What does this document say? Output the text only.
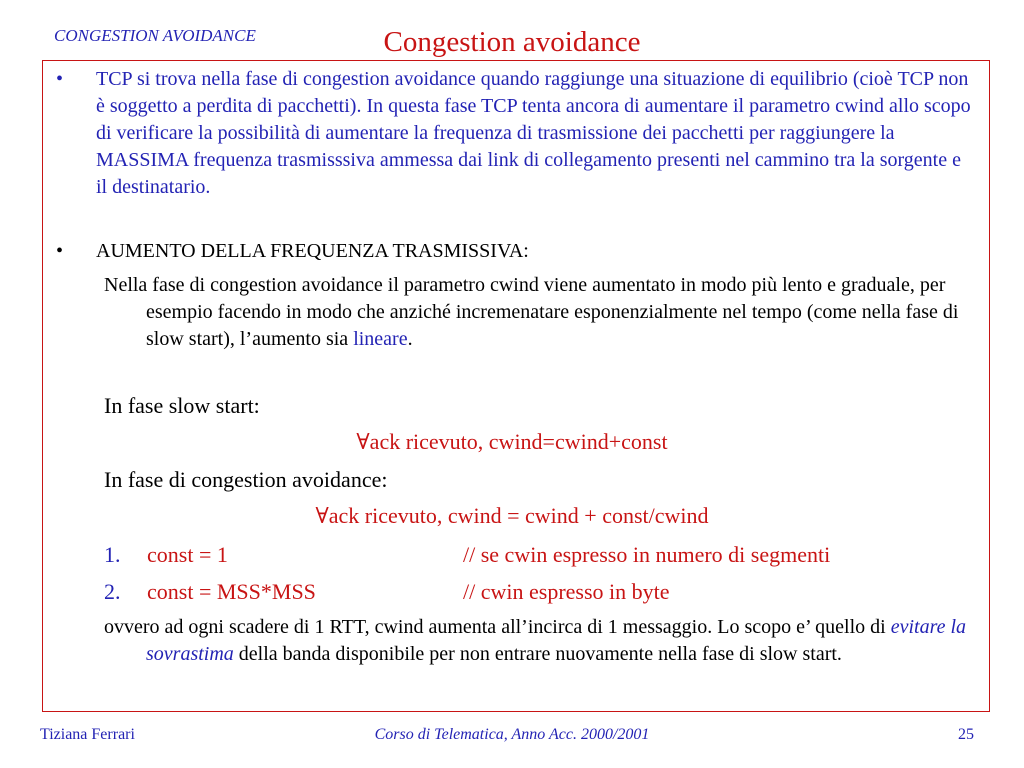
CONGESTION AVOIDANCE	Congestion avoidance
• TCP si trova nella fase di congestion avoidance quando raggiunge una situazione di equilibrio (cioè TCP non è soggetto a perdita di pacchetti). In questa fase TCP tenta ancora di aumentare il parametro cwind allo scopo di verificare la possibilità di aumentare la frequenza di trasmissione dei pacchetti per raggiungere la MASSIMA frequenza trasmisssiva ammessa dai link di collegamento presenti nel cammino tra la sorgente e il destinatario.
• AUMENTO DELLA FREQUENZA TRASMISSIVA:
Nella fase di congestion avoidance il parametro cwind viene aumentato in modo più lento e graduale, per esempio facendo in modo che anziché incremenatare esponenzialmente nel tempo (come nella fase di slow start), l’aumento sia lineare.
In fase slow start:
∀ack ricevuto, cwind=cwind+const
In fase di congestion avoidance:
∀ack ricevuto, cwind = cwind + const/cwind
1. const = 1	// se cwin espresso in numero di segmenti
2. const = MSS*MSS	// cwin espresso in byte
ovvero ad ogni scadere di 1 RTT, cwind aumenta all’incirca di 1 messaggio. Lo scopo e’ quello di evitare la sovrastima della banda disponibile per non entrare nuovamente nella fase di slow start.
Tiziana Ferrari	Corso di Telematica, Anno Acc. 2000/2001	25
